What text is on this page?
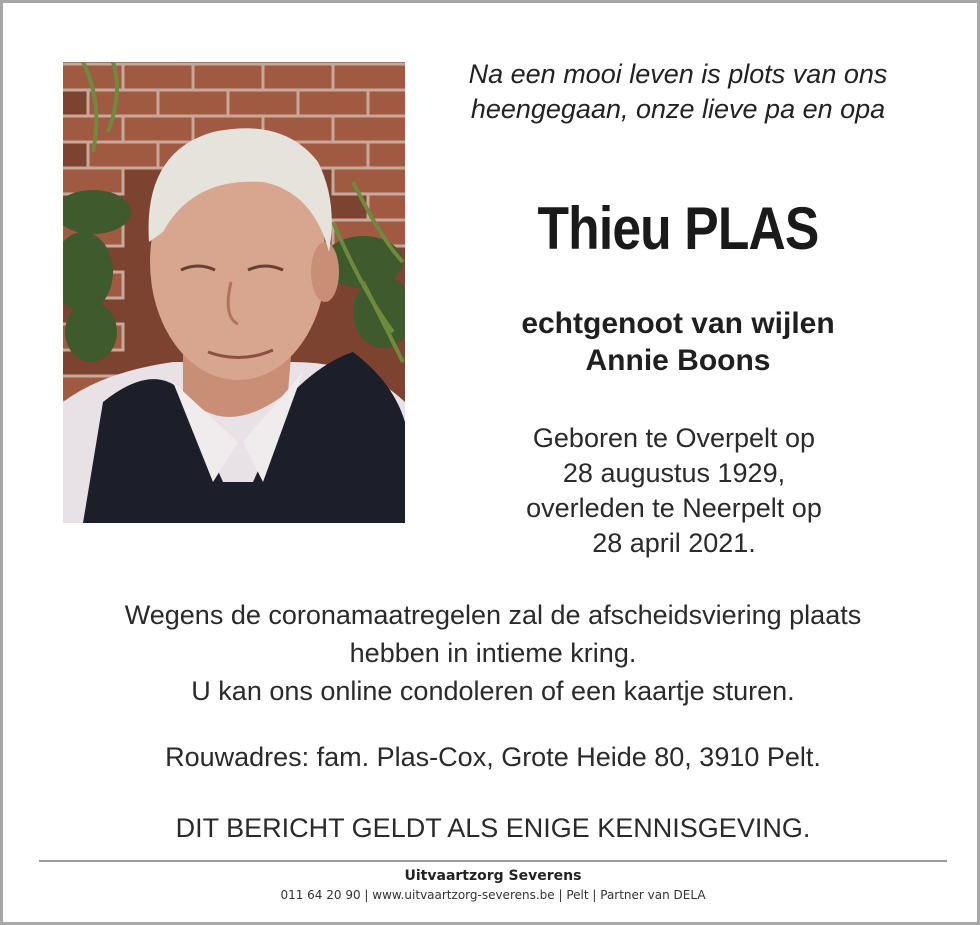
Na een mooi leven is plots van ons
heengegaan, onze lieve pa en opa
Thieu PLAS
echtgenoot van wijlen
Annie Boons
Geboren te Overpelt op
28 augustus 1929,
overleden te Neerpelt op
28 april 2021.
Wegens de coronamaatregelen zal de afscheidsviering plaats
hebben in intieme kring.
U kan ons online condoleren of een kaartje sturen.
Rouwadres: fam. Plas-Cox, Grote Heide 80, 3910 Pelt.
DIT BERICHT GELDT ALS ENIGE KENNISGEVING.
Uitvaartzorg Severens
011 64 20 90 | www.uitvaartzorg-severens.be | Pelt | Partner van DELA
